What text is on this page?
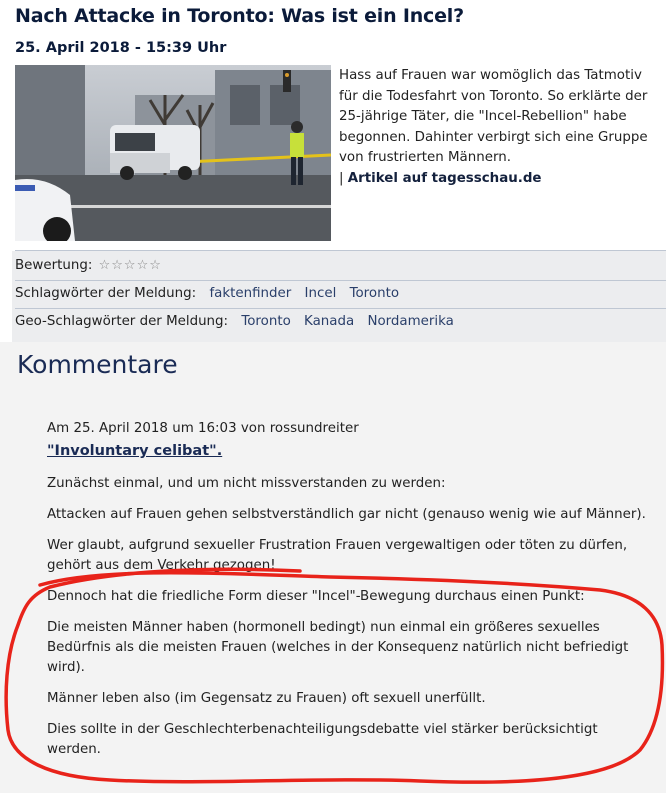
Nach Attacke in Toronto: Was ist ein Incel?
25. April 2018 - 15:39 Uhr
Hass auf Frauen war womöglich das Tatmotiv für die Todesfahrt von Toronto. So erklärte der 25-jährige Täter, die "Incel-Rebellion" habe begonnen. Dahinter verbirgt sich eine Gruppe von frustrierten Männern.
| Artikel auf tagesschau.de
Bewertung: ☆☆☆☆☆
Schlagwörter der Meldung: faktenfinder Incel Toronto
Geo-Schlagwörter der Meldung: Toronto Kanada Nordamerika
Kommentare
Am 25. April 2018 um 16:03 von rossundreiter
"Involuntary celibat".

Zunächst einmal, und um nicht missverstanden zu werden:

Attacken auf Frauen gehen selbstverständlich gar nicht (genauso wenig wie auf Männer).

Wer glaubt, aufgrund sexueller Frustration Frauen vergewaltigen oder töten zu dürfen, gehört aus dem Verkehr gezogen!

Dennoch hat die friedliche Form dieser "Incel"-Bewegung durchaus einen Punkt:

Die meisten Männer haben (hormonell bedingt) nun einmal ein größeres sexuelles Bedürfnis als die meisten Frauen (welches in der Konsequenz natürlich nicht befriedigt wird).

Männer leben also (im Gegensatz zu Frauen) oft sexuell unerfüllt.

Dies sollte in der Geschlechterbenachteiligungsdebatte viel stärker berücksichtigt werden.
